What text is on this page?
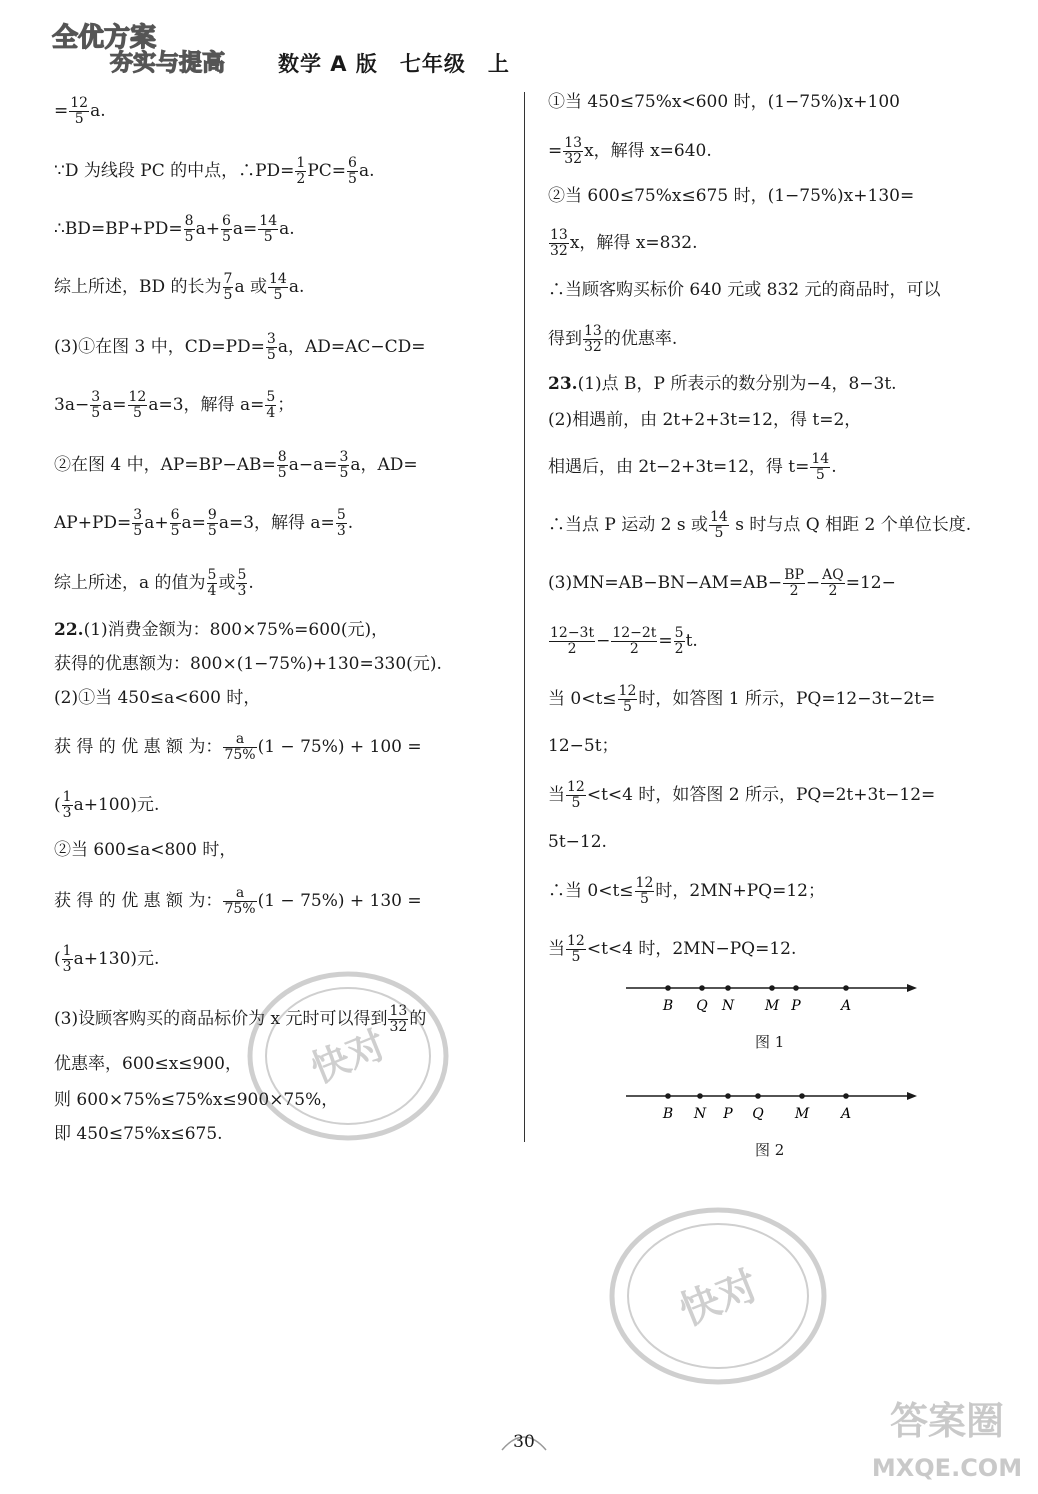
全优方案
夯实与提高	数学 A 版　七年级　上
= $\frac{12}{5} a$.
∵D 为线段 PC 的中点，∴PD= $\frac{1}{2} PC= \frac{6}{5} a$.
∴BD=BP+PD= $\frac{8}{5} a+ \frac{6}{5} a= \frac{14}{5} a$.
综上所述，BD 的长为 $\frac{7}{5}$ a 或 $\frac{14}{5} a$.
(3)①在图 3 中，$CD=PD= \frac{3}{5}$ a，AD=AC−CD=
$3a- \frac{3}{5} a= \frac{12}{5} a=3$，解得 $a= \frac{5}{4}$ ；
②在图 4 中，$AP=BP-AB= \frac{8}{5} a-a= \frac{3}{5}$ a，AD=
$AP+PD= \frac{3}{5} a+ \frac{6}{5} a= \frac{9}{5} a=3$，解得 $a= \frac{5}{3}$ .
综上所述，a 的值为 $\frac{5}{4}$ 或 $\frac{5}{3}$ .
22.(1)消费金额为：800×75%=600(元)，
获得的优惠额为：800×(1−75%)+130=330(元).
(2)①当 450≤a<600 时，
获 得 的 优 惠 额 为： $\frac{a}{75\%} (1 - 75\%) + 100$ =
( $\frac{1}{3} a+100$)元.
②当 600≤a<800 时，
获 得 的 优 惠 额 为： $\frac{a}{75\%} (1 - 75\%) + 130$ =
( $\frac{1}{3} a+130$)元.
(3)设顾客购买的商品标价为 x 元时可以得到 $\frac{13}{32}$ 的
优惠率，600≤x≤900，
则 600×75%≤75%x≤900×75%，
即 450≤75%x≤675.
①当 450≤75%x<600 时，(1−75%)x+100
= $\frac{13}{32}$ x，解得 x=640.
②当 600≤75%x≤675 时，(1−75%)x+130=
$\frac{13}{32}$ x，解得 x=832.
∴当顾客购买标价 640 元或 832 元的商品时，可以
得到 $\frac{13}{32}$ 的优惠率.
23.(1)点 B，P 所表示的数分别为−4，8−3t.
(2)相遇前，由 2t+2+3t=12，得 t=2，
相遇后，由 2t−2+3t=12，得 $t= \frac{14}{5}$ .
∴当点 P 运动 2 s 或 $\frac{14}{5}$ s 时与点 Q 相距 2 个单位长度.
$(3)MN=AB-BN-AM=AB- \frac{BP}{2} - \frac{AQ}{2} =12-$
$\frac{12-3t}{2} - \frac{12-2t}{2} = \frac{5}{2} t$.
当 $0<t\le \frac{12}{5}$ 时，如答图 1 所示，PQ=12−3t−2t=
12−5t；
当 $\frac{12}{5} <t<4$ 时，如答图 2 所示，PQ=2t+3t−12=
5t−12.
∴当 $0<t\le \frac{12}{5}$ 时，2MN+PQ=12；
当 $\frac{12}{5} <t<4$ 时，2MN−PQ=12.
B Q N M P	A
图 1
B N P Q M A
图 2
快对
快对
30	答案圈
MXQE.COM
